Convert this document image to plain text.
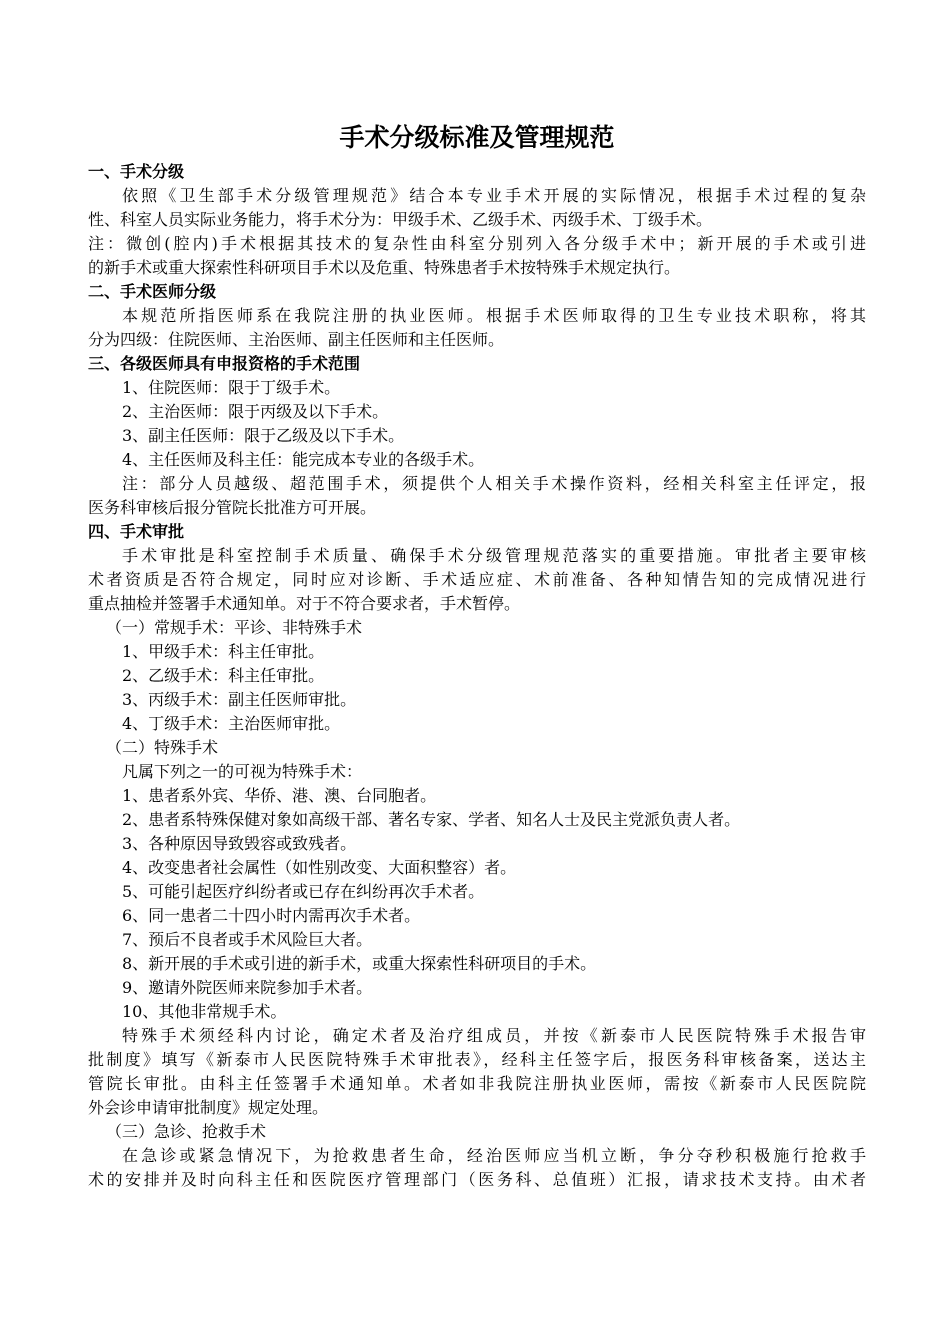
手术分级标准及管理规范
一、手术分级
依照《卫生部手术分级管理规范》结合本专业手术开展的实际情况，根据手术过程的复杂
性、科室人员实际业务能力，将手术分为：甲级手术、乙级手术、丙级手术、丁级手术。
注：微创(腔内)手术根据其技术的复杂性由科室分别列入各分级手术中；新开展的手术或引进
的新手术或重大探索性科研项目手术以及危重、特殊患者手术按特殊手术规定执行。
二、手术医师分级
本规范所指医师系在我院注册的执业医师。根据手术医师取得的卫生专业技术职称，将其
分为四级：住院医师、主治医师、副主任医师和主任医师。
三、各级医师具有申报资格的手术范围
1、住院医师：限于丁级手术。
2、主治医师：限于丙级及以下手术。
3、副主任医师：限于乙级及以下手术。
4、主任医师及科主任：能完成本专业的各级手术。
注：部分人员越级、超范围手术，须提供个人相关手术操作资料，经相关科室主任评定，报
医务科审核后报分管院长批准方可开展。
四、手术审批
手术审批是科室控制手术质量、确保手术分级管理规范落实的重要措施。审批者主要审核
术者资质是否符合规定，同时应对诊断、手术适应症、术前准备、各种知情告知的完成情况进行
重点抽检并签署手术通知单。对于不符合要求者，手术暂停。
（一）常规手术：平诊、非特殊手术
1、甲级手术：科主任审批。
2、乙级手术：科主任审批。
3、丙级手术：副主任医师审批。
4、丁级手术：主治医师审批。
（二）特殊手术
凡属下列之一的可视为特殊手术：
1、患者系外宾、华侨、港、澳、台同胞者。
2、患者系特殊保健对象如高级干部、著名专家、学者、知名人士及民主党派负责人者。
3、各种原因导致毁容或致残者。
4、改变患者社会属性（如性别改变、大面积整容）者。
5、可能引起医疗纠纷者或已存在纠纷再次手术者。
6、同一患者二十四小时内需再次手术者。
7、预后不良者或手术风险巨大者。
8、新开展的手术或引进的新手术，或重大探索性科研项目的手术。
9、邀请外院医师来院参加手术者。
10、其他非常规手术。
特殊手术须经科内讨论，确定术者及治疗组成员，并按《新泰市人民医院特殊手术报告审
批制度》填写《新泰市人民医院特殊手术审批表》，经科主任签字后，报医务科审核备案，送达主
管院长审批。由科主任签署手术通知单。术者如非我院注册执业医师，需按《新泰市人民医院院
外会诊申请审批制度》规定处理。
（三）急诊、抢救手术
在急诊或紧急情况下，为抢救患者生命，经治医师应当机立断，争分夺秒积极施行抢救手
术的安排并及时向科主任和医院医疗管理部门（医务科、总值班）汇报，请求技术支持。由术者
